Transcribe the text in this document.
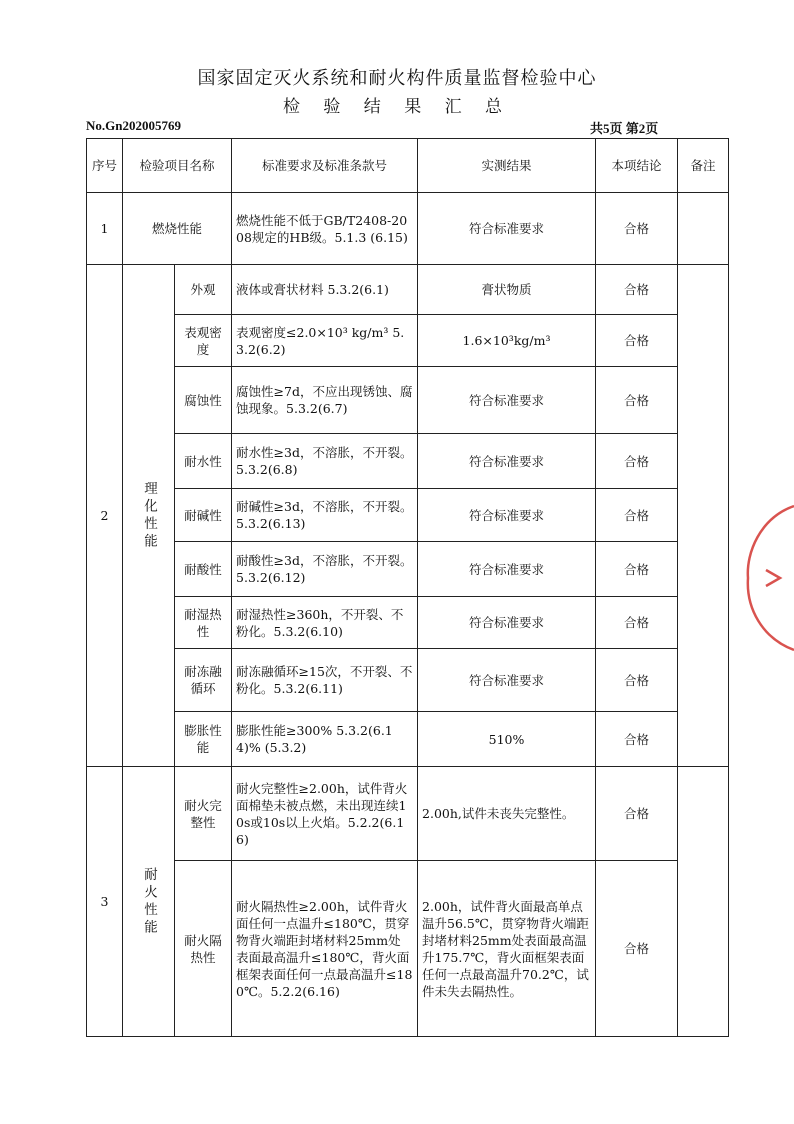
国家固定灭火系统和耐火构件质量监督检验中心
检 验 结 果 汇 总
No.Gn202005769	共5页 第2页
序号	检验项目名称		标准要求及标准条款号	实测结果	本项结论	备注
1	燃烧性能		燃烧性能不低于GB/T2408-2008规定的HB级。5.1.3 (6.15)	符合标准要求	合格	
2	理化性能	外观	液体或膏状材料 5.3.2(6.1)	膏状物质	合格	
		表观密度	表观密度≤2.0×10³ kg/m³ 5.3.2(6.2)	1.6×10³kg/m³	合格	
		腐蚀性	腐蚀性≥7d，不应出现锈蚀、腐蚀现象。5.3.2(6.7)	符合标准要求	合格	
		耐水性	耐水性≥3d，不溶胀，不开裂。5.3.2(6.8)	符合标准要求	合格	
		耐碱性	耐碱性≥3d，不溶胀，不开裂。5.3.2(6.13)	符合标准要求	合格	
		耐酸性	耐酸性≥3d，不溶胀，不开裂。5.3.2(6.12)	符合标准要求	合格	
		耐湿热性	耐湿热性≥360h，不开裂、不粉化。5.3.2(6.10)	符合标准要求	合格	
		耐冻融循环	耐冻融循环≥15次，不开裂、不粉化。5.3.2(6.11)	符合标准要求	合格	
		膨胀性能	膨胀性能≥300% 5.3.2(6.14)% (5.3.2)	510%	合格	
3	耐火性能	耐火完整性	耐火完整性≥2.00h，试件背火面棉垫未被点燃，未出现连续10s或10s以上火焰。5.2.2(6.16)	2.00h,试件未丧失完整性。	合格	
		耐火隔热性	耐火隔热性≥2.00h，试件背火面任何一点温升≤180℃，贯穿物背火端距封堵材料25mm处表面最高温升≤180℃，背火面框架表面任何一点最高温升≤180℃。5.2.2(6.16)	2.00h，试件背火面最高单点温升56.5℃，贯穿物背火端距封堵材料25mm处表面最高温升175.7℃，背火面框架表面任何一点最高温升70.2℃，试件未失去隔热性。	合格	
